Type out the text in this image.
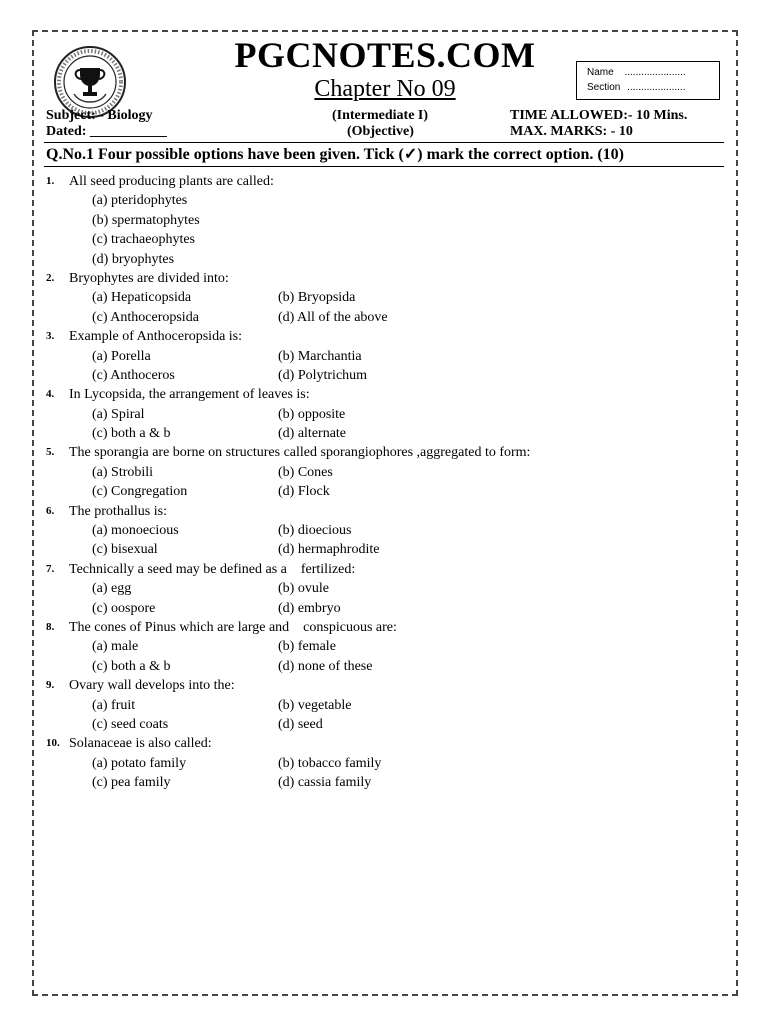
PGCNOTES.COM
Chapter No 09
Name ......................
Section .....................
Subject: - Biology
Dated: ___________
(Intermediate I)
(Objective)
TIME ALLOWED:- 10 Mins.
MAX. MARKS: - 10
Q.No.1 Four possible options have been given. Tick (✓) mark the correct option. (10)
1. All seed producing plants are called:
(a) pteridophytes
(b) spermatophytes
(c) trachaeophytes
(d) bryophytes
2. Bryophytes are divided into:
(a) Hepaticopsida	(b) Bryopsida
(c) Anthoceropsida	(d) All of the above
3. Example of Anthoceropsida is:
(a) Porella	(b) Marchantia
(c) Anthoceros	(d) Polytrichum
4. In Lycopsida, the arrangement of leaves is:
(a) Spiral	(b) opposite
(c) both a & b	(d) alternate
5. The sporangia are borne on structures called sporangiophores ,aggregated to form:
(a) Strobili	(b) Cones
(c) Congregation	(d) Flock
6. The prothallus is:
(a) monoecious	(b) dioecious
(c) bisexual	(d) hermaphrodite
7. Technically a seed may be defined as a    fertilized:
(a) egg	(b) ovule
(c) oospore	(d) embryo
8. The cones of Pinus which are large and    conspicuous are:
(a) male	(b) female
(c) both a & b	(d) none of these
9. Ovary wall develops into the:
(a) fruit	(b) vegetable
(c) seed coats	(d) seed
10. Solanaceae is also called:
(a) potato family	(b) tobacco family
(c) pea family	(d) cassia family
